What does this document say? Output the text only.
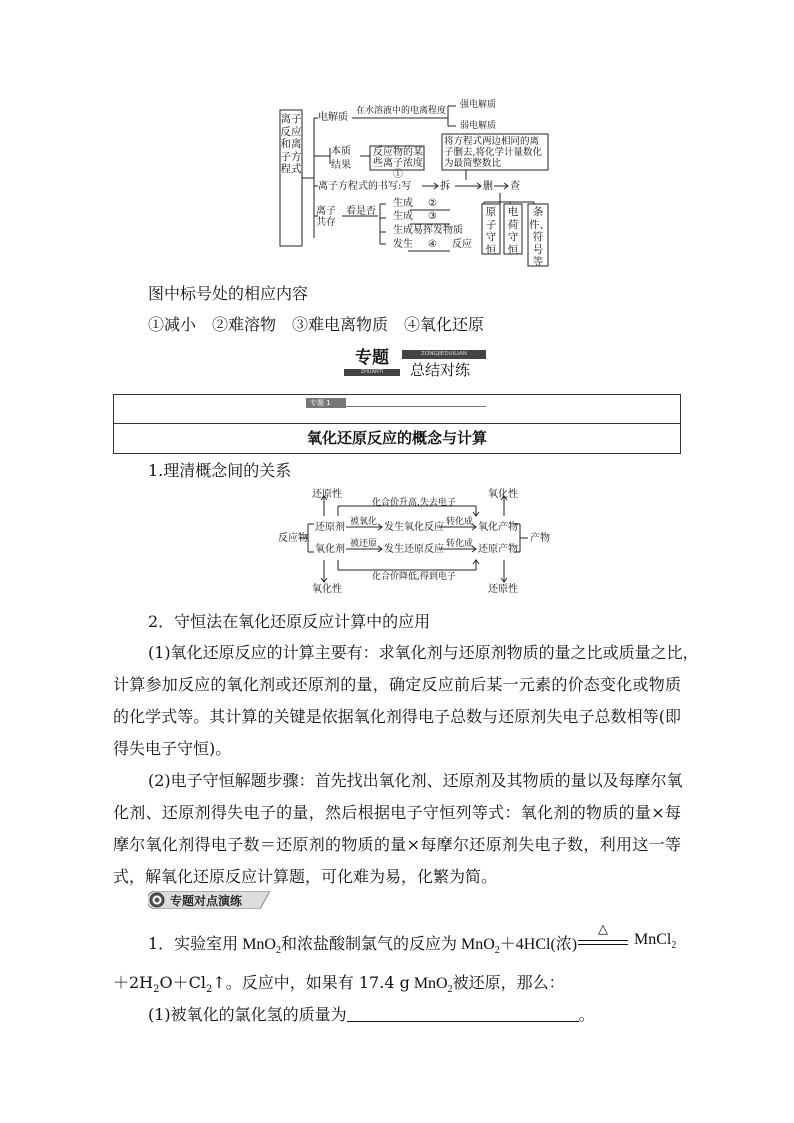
离子反应和离子方程式
电解质
在水溶液中的电离程度
强电解质
弱电解质
本质
结果
反应物的某些离子浓度 ①
将方程式两边相同的离子删去,将化学计量数化为最简整数比
离子方程式的书写:写	拆	删 查
离子共存
看是否
生成 ②
生成 ③
生成易挥发物质
发生 ④ 反应
原子守恒
电荷守恒
条件、符号等
图中标号处的相应内容
①减小　②难溶物　③难电离物质　④氧化还原
专题	ZONGJIEDUILIAN
ZHUANTI	总结对练
专题 1
氧化还原反应的概念与计算
1.理清概念间的关系
还原性	氧化性
化合价升高,失去电子
反应物
还原剂 被氧化 发生氧化反应 转化成 氧化产物
产物
氧化剂 被还原 发生还原反应 转化成 还原产物
化合价降低,得到电子
氧化性	还原性
2．守恒法在氧化还原反应计算中的应用
(1)氧化还原反应的计算主要有：求氧化剂与还原剂物质的量之比或质量之比，
计算参加反应的氧化剂或还原剂的量，确定反应前后某一元素的价态变化或物质
的化学式等。其计算的关键是依据氧化剂得电子总数与还原剂失电子总数相等(即
得失电子守恒)。
(2)电子守恒解题步骤：首先找出氧化剂、还原剂及其物质的量以及每摩尔氧
化剂、还原剂得失电子的量，然后根据电子守恒列等式：氧化剂的物质的量×每
摩尔氧化剂得电子数＝还原剂的物质的量×每摩尔还原剂失电子数，利用这一等
式，解氧化还原反应计算题，可化难为易，化繁为简。
专题对点演练
1．实验室用 MnO$_2$和浓盐酸制氯气的反应为 MnO$_2$＋4HCl(浓)
△
MnCl$_2$
$+2H_2O+Cl_2↑$。反应中，如果有 17.4 g MnO$_2$被还原，那么：
(1)被氧化的氯化氢的质量为	。
